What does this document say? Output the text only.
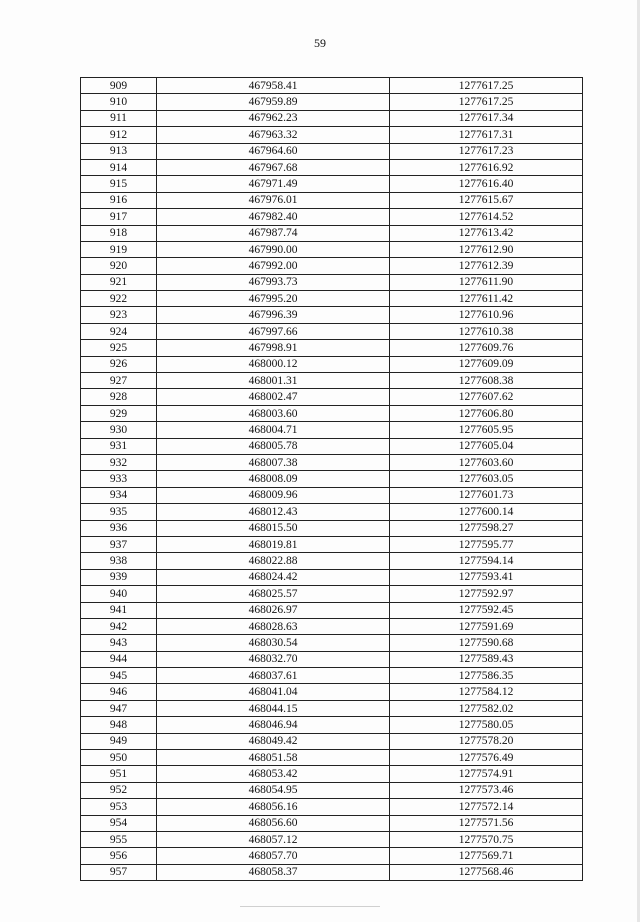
59
909	467958.41	1277617.25
910	467959.89	1277617.25
911	467962.23	1277617.34
912	467963.32	1277617.31
913	467964.60	1277617.23
914	467967.68	1277616.92
915	467971.49	1277616.40
916	467976.01	1277615.67
917	467982.40	1277614.52
918	467987.74	1277613.42
919	467990.00	1277612.90
920	467992.00	1277612.39
921	467993.73	1277611.90
922	467995.20	1277611.42
923	467996.39	1277610.96
924	467997.66	1277610.38
925	467998.91	1277609.76
926	468000.12	1277609.09
927	468001.31	1277608.38
928	468002.47	1277607.62
929	468003.60	1277606.80
930	468004.71	1277605.95
931	468005.78	1277605.04
932	468007.38	1277603.60
933	468008.09	1277603.05
934	468009.96	1277601.73
935	468012.43	1277600.14
936	468015.50	1277598.27
937	468019.81	1277595.77
938	468022.88	1277594.14
939	468024.42	1277593.41
940	468025.57	1277592.97
941	468026.97	1277592.45
942	468028.63	1277591.69
943	468030.54	1277590.68
944	468032.70	1277589.43
945	468037.61	1277586.35
946	468041.04	1277584.12
947	468044.15	1277582.02
948	468046.94	1277580.05
949	468049.42	1277578.20
950	468051.58	1277576.49
951	468053.42	1277574.91
952	468054.95	1277573.46
953	468056.16	1277572.14
954	468056.60	1277571.56
955	468057.12	1277570.75
956	468057.70	1277569.71
957	468058.37	1277568.46
